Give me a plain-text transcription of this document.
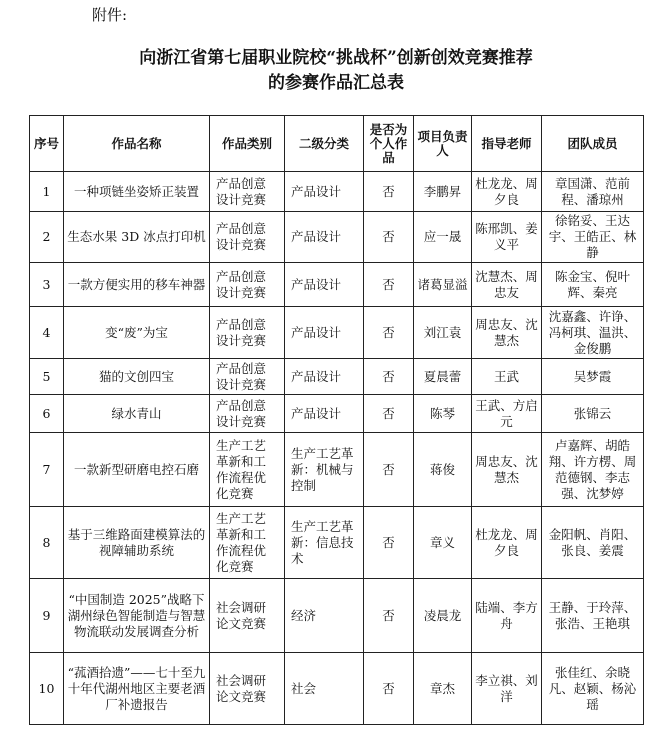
附件:
向浙江省第七届职业院校“挑战杯”创新创效竞赛推荐
的参赛作品汇总表
序号	作品名称	作品类别	二级分类	是否为个人作品	项目负责人	指导老师	团队成员
1	一种项链坐姿矫正装置	产品创意设计竞赛	产品设计	否	李鹏昇	杜龙龙、周夕良	章国潇、范前程、潘琼州
2	生态水果 3D 冰点打印机	产品创意设计竞赛	产品设计	否	应一晟	陈邢凯、姜义平	徐铭妥、王达宇、王皓正、林静
3	一款方便实用的移车神器	产品创意设计竞赛	产品设计	否	诸葛显溢	沈慧杰、周忠友	陈金宝、倪叶辉、秦亮
4	变“废”为宝	产品创意设计竞赛	产品设计	否	刘江袁	周忠友、沈慧杰	沈嘉鑫、许诤、冯柯琪、温洪、金俊鹏
5	猫的文创四宝	产品创意设计竞赛	产品设计	否	夏晨蕾	王武	吴梦霞
6	绿水青山	产品创意设计竞赛	产品设计	否	陈琴	王武、方启元	张锦云
7	一款新型研磨电控石磨	生产工艺革新和工作流程优化竞赛	生产工艺革新：机械与控制	否	蒋俊	周忠友、沈慧杰	卢嘉辉、胡皓翔、许方楞、周范德钢、李志强、沈梦婷
8	基于三维路面建模算法的视障辅助系统	生产工艺革新和工作流程优化竞赛	生产工艺革新：信息技术	否	章义	杜龙龙、周夕良	金阳帆、肖阳、张良、姜震
9	“中国制造 2025”战略下湖州绿色智能制造与智慧物流联动发展调查分析	社会调研论文竞赛	经济	否	凌晨龙	陆端、李方舟	王静、于玲萍、张浩、王艳琪
10	“菰酒拾遗”——七十至九十年代湖州地区主要老酒厂补遗报告	社会调研论文竞赛	社会	否	章杰	李立祺、刘洋	张佳红、余晓凡、赵颖、杨沁瑶
